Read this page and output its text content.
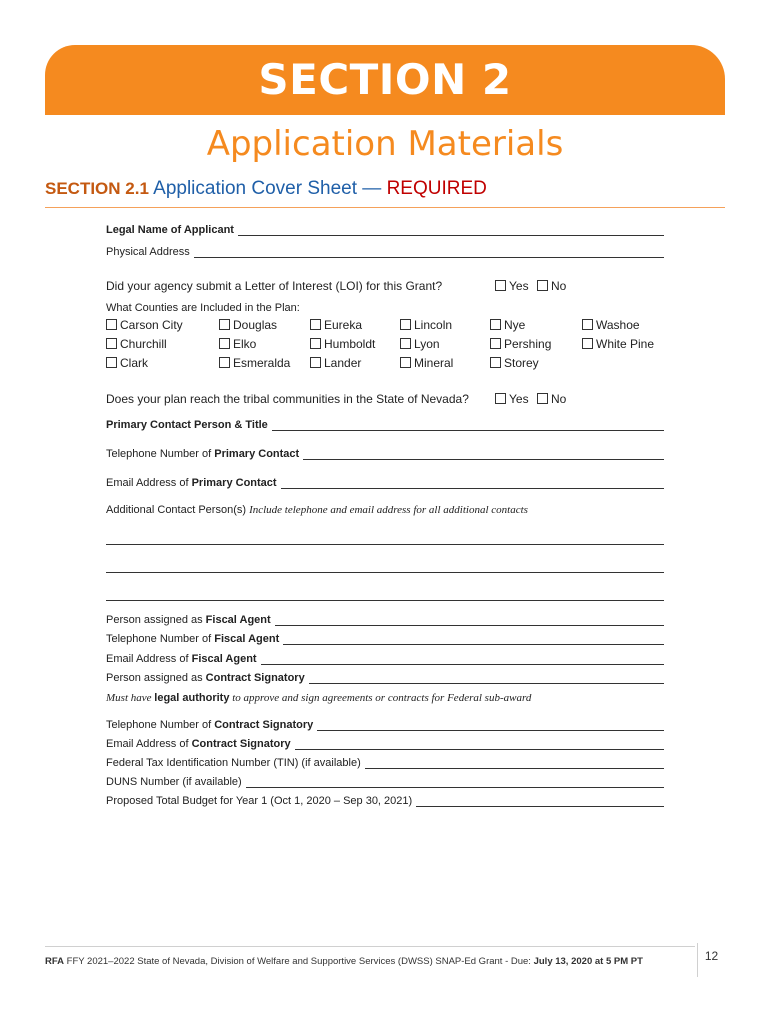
SECTION 2
Application Materials
SECTION 2.1 Application Cover Sheet — REQUIRED
Legal Name of Applicant
Physical Address
Did your agency submit a Letter of Interest (LOI) for this Grant?	Yes	No
What Counties are Included in the Plan:
Carson City	Douglas	Eureka	Lincoln	Nye	Washoe
Churchill	Elko	Humboldt	Lyon	Pershing	White Pine
Clark	Esmeralda	Lander	Mineral	Storey
Does your plan reach the tribal communities in the State of Nevada?	Yes	No
Primary Contact Person & Title
Telephone Number of Primary Contact
Email Address of Primary Contact
Additional Contact Person(s) Include telephone and email address for all additional contacts
Person assigned as Fiscal Agent
Telephone Number of Fiscal Agent
Email Address of Fiscal Agent
Person assigned as Contract Signatory
Must have legal authority to approve and sign agreements or contracts for Federal sub-award
Telephone Number of Contract Signatory
Email Address of Contract Signatory
Federal Tax Identification Number (TIN) (if available)
DUNS Number (if available)
Proposed Total Budget for Year 1 (Oct 1, 2020 – Sep 30, 2021)
RFA FFY 2021–2022 State of Nevada, Division of Welfare and Supportive Services (DWSS) SNAP-Ed Grant - Due: July 13, 2020 at 5 PM PT	12
